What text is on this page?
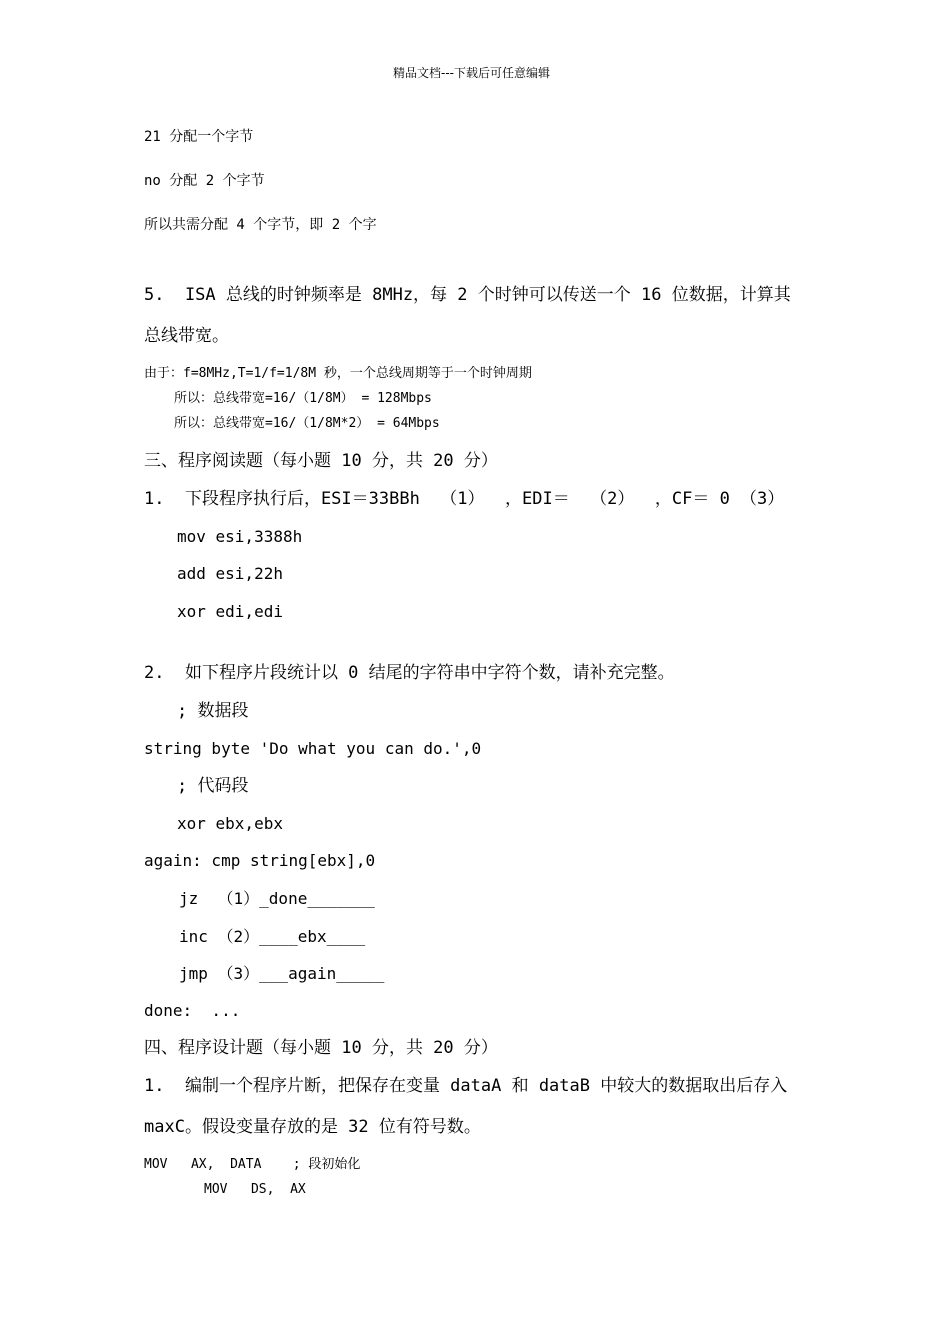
精品文档---下载后可任意编辑
21 分配一个字节
no 分配 2 个字节
所以共需分配 4 个字节，即 2 个字
5.  ISA 总线的时钟频率是 8MHz，每 2 个时钟可以传送一个 16 位数据，计算其
总线带宽。
由于：f=8MHz,T=1/f=1/8M 秒，一个总线周期等于一个时钟周期
所以：总线带宽=16/（1/8M） = 128Mbps
所以：总线带宽=16/（1/8M*2） = 64Mbps
三、程序阅读题（每小题 10 分，共 20 分）
1.  下段程序执行后，ESI＝33BBh  （1）  ，EDI＝  （2）  ，CF＝ 0 （3）
mov esi,3388h
add esi,22h
xor edi,edi
2.  如下程序片段统计以 0 结尾的字符串中字符个数，请补充完整。
; 数据段
string byte 'Do what you can do.',0
; 代码段
xor ebx,ebx
again: cmp string[ebx],0
jz  （1）_done_______
inc （2）____ebx____
jmp （3）___again_____
done:  ...
四、程序设计题（每小题 10 分，共 20 分）
1.  编制一个程序片断，把保存在变量 dataA 和 dataB 中较大的数据取出后存入
maxC。假设变量存放的是 32 位有符号数。
MOV   AX,  DATA    ; 段初始化
MOV   DS,  AX
